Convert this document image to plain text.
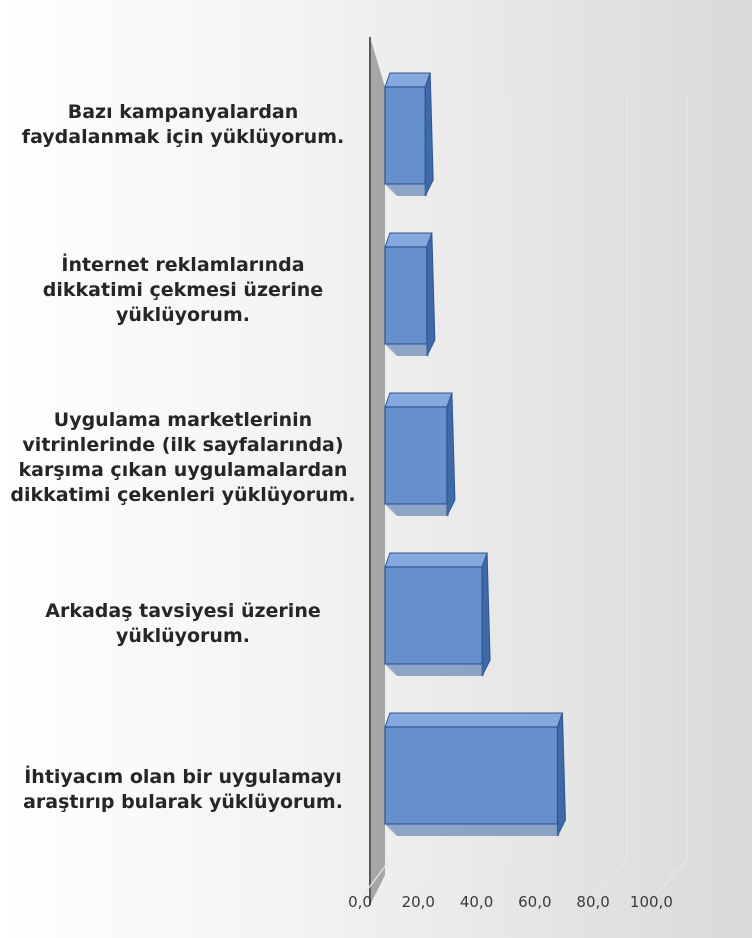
0,0 20,0 40,0 60,0 80,0 100,0
Bazı kampanyalardan
faydalanmak için yüklüyorum.
İnternet reklamlarında
dikkatimi çekmesi üzerine
yüklüyorum.
Uygulama marketlerinin
vitrinlerinde (ilk sayfalarında)
karşıma çıkan uygulamalardan
dikkatimi çekenleri yüklüyorum.
Arkadaş tavsiyesi üzerine
yüklüyorum.
İhtiyacım olan bir uygulamayı
araştırıp bularak yüklüyorum.
